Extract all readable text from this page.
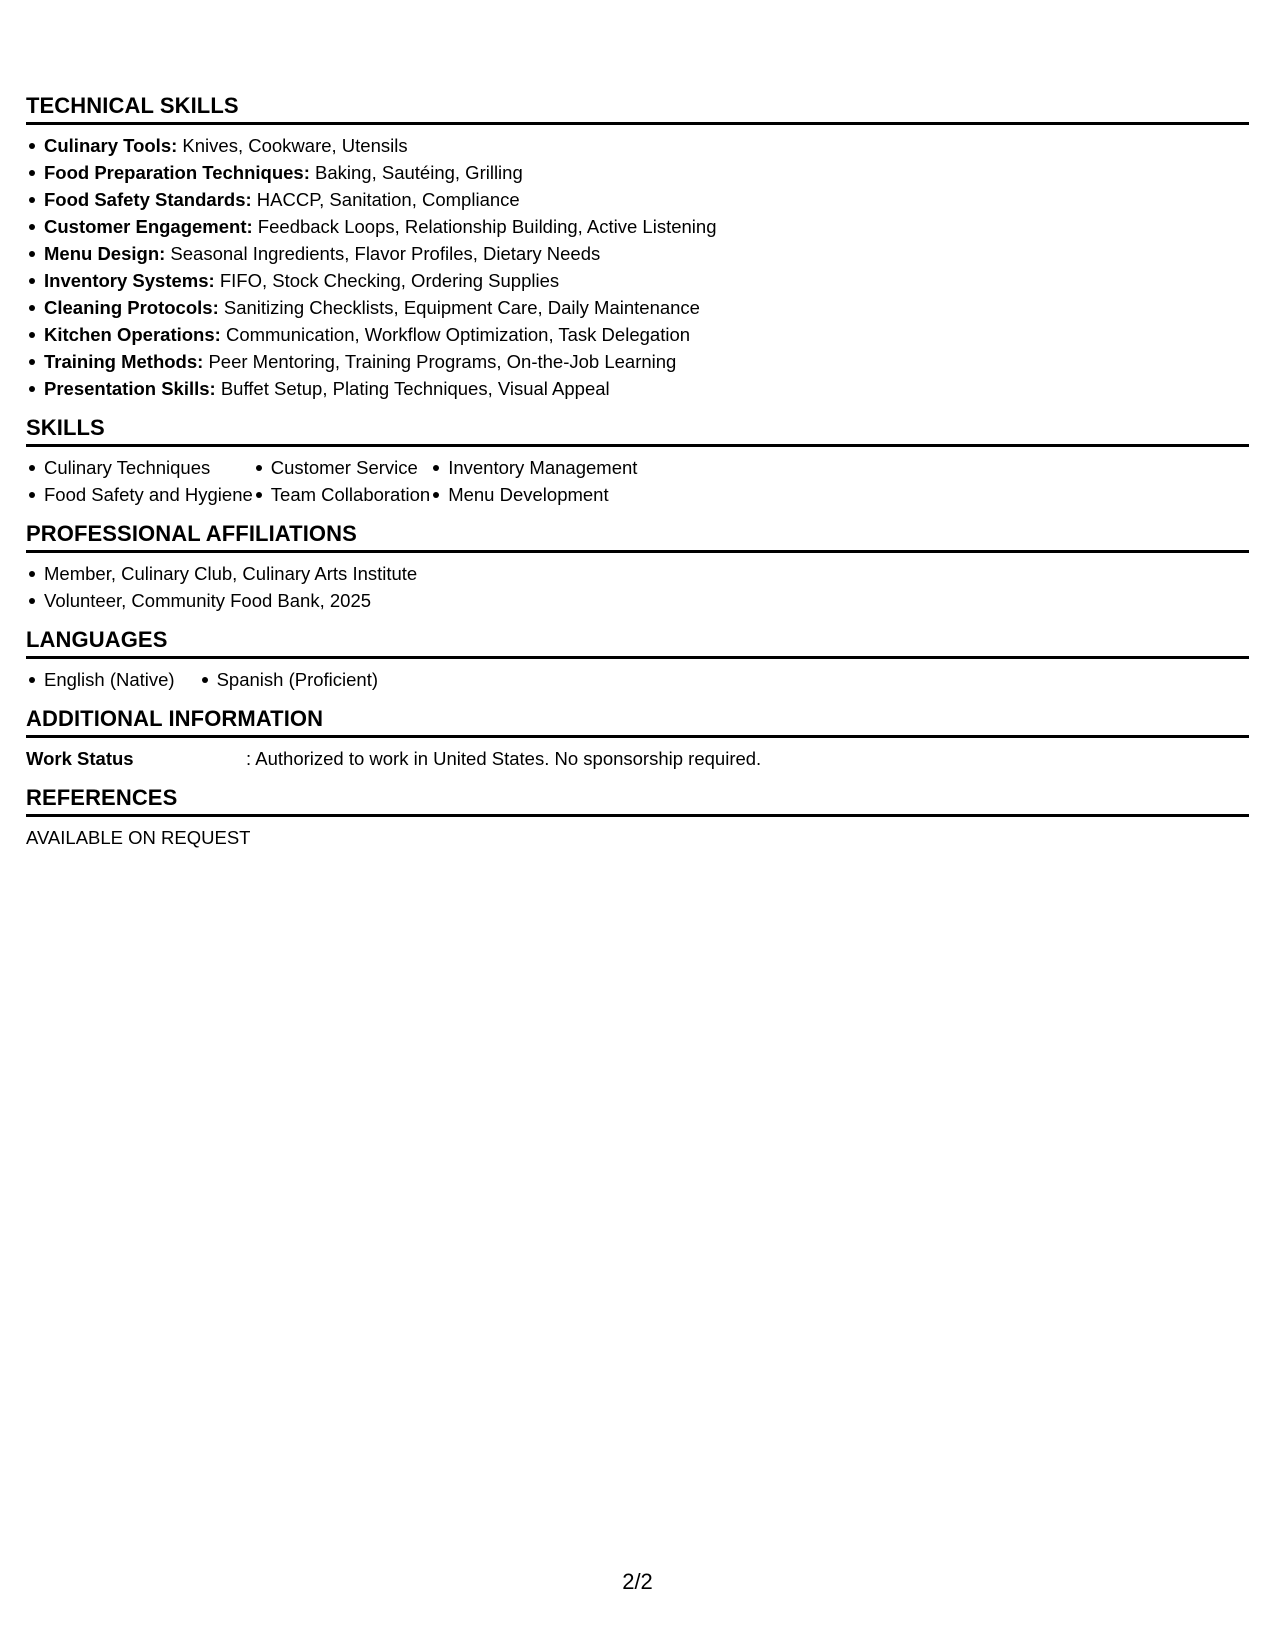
TECHNICAL SKILLS
Culinary Tools: Knives, Cookware, Utensils
Food Preparation Techniques: Baking, Sautéing, Grilling
Food Safety Standards: HACCP, Sanitation, Compliance
Customer Engagement: Feedback Loops, Relationship Building, Active Listening
Menu Design: Seasonal Ingredients, Flavor Profiles, Dietary Needs
Inventory Systems: FIFO, Stock Checking, Ordering Supplies
Cleaning Protocols: Sanitizing Checklists, Equipment Care, Daily Maintenance
Kitchen Operations: Communication, Workflow Optimization, Task Delegation
Training Methods: Peer Mentoring, Training Programs, On-the-Job Learning
Presentation Skills: Buffet Setup, Plating Techniques, Visual Appeal
SKILLS
Culinary Techniques
Food Safety and Hygiene
Customer Service
Team Collaboration
Inventory Management
Menu Development
PROFESSIONAL AFFILIATIONS
Member, Culinary Club, Culinary Arts Institute
Volunteer, Community Food Bank, 2025
LANGUAGES
English (Native)	Spanish (Proficient)
ADDITIONAL INFORMATION
Work Status	: Authorized to work in United States. No sponsorship required.
REFERENCES
AVAILABLE ON REQUEST
2/2
